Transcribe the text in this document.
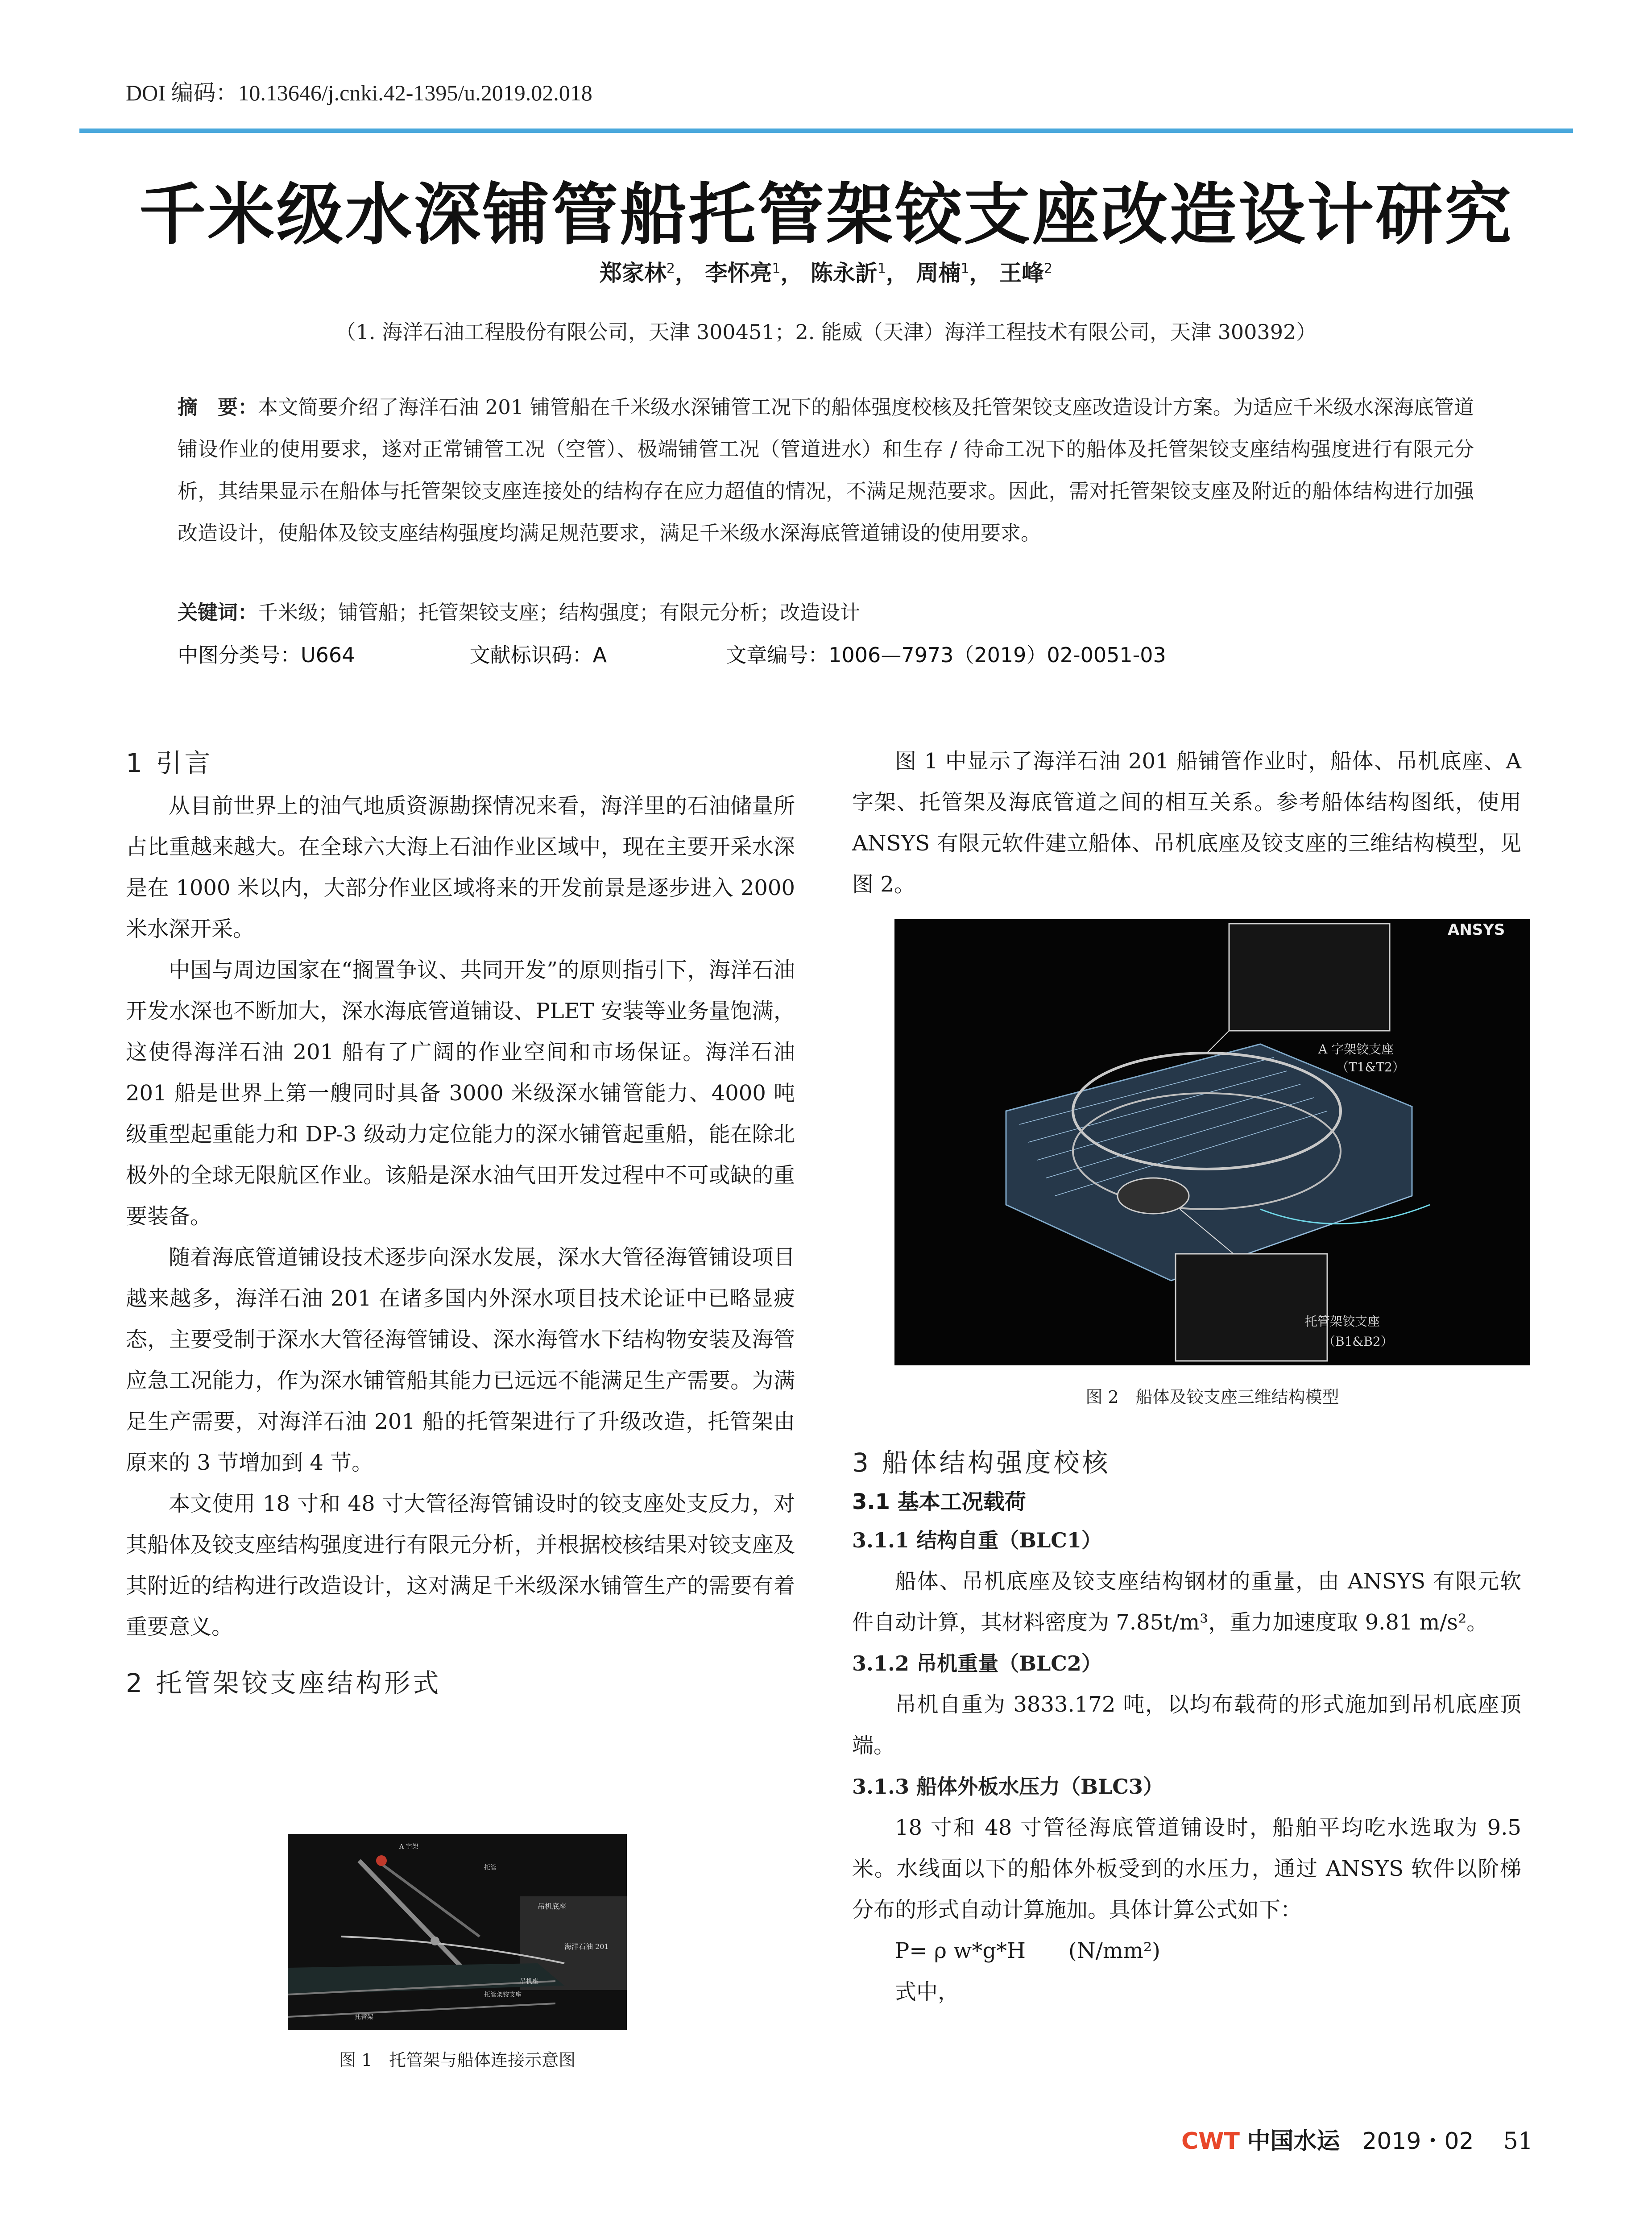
DOI 编码：10.13646/j.cnki.42-1395/u.2019.02.018
千米级水深铺管船托管架铰支座改造设计研究
郑家林$^2$， 李怀亮$^1$， 陈永訢$^1$， 周楠$^1$， 王峰$^2$
（1. 海洋石油工程股份有限公司，天津 300451；2. 能威（天津）海洋工程技术有限公司，天津 300392）
摘　要：本文简要介绍了海洋石油 201 铺管船在千米级水深铺管工况下的船体强度校核及托管架铰支座改造设计方案。为适应千米级水深海底管道铺设作业的使用要求，遂对正常铺管工况（空管）、极端铺管工况（管道进水）和生存 / 待命工况下的船体及托管架铰支座结构强度进行有限元分析，其结果显示在船体与托管架铰支座连接处的结构存在应力超值的情况，不满足规范要求。因此，需对托管架铰支座及附近的船体结构进行加强改造设计，使船体及铰支座结构强度均满足规范要求，满足千米级水深海底管道铺设的使用要求。
关键词：千米级；铺管船；托管架铰支座；结构强度；有限元分析；改造设计
中图分类号：U664	文献标识码：A	文章编号：1006—7973（2019）02-0051-03
1 引言

从目前世界上的油气地质资源勘探情况来看，海洋里的石油储量所占比重越来越大。在全球六大海上石油作业区域中，现在主要开采水深是在 1000 米以内，大部分作业区域将来的开发前景是逐步进入 2000 米水深开采。

中国与周边国家在“搁置争议、共同开发”的原则指引下，海洋石油开发水深也不断加大，深水海底管道铺设、PLET 安装等业务量饱满，这使得海洋石油 201 船有了广阔的作业空间和市场保证。海洋石油 201 船是世界上第一艘同时具备 3000 米级深水铺管能力、4000 吨级重型起重能力和 DP-3 级动力定位能力的深水铺管起重船，能在除北极外的全球无限航区作业。该船是深水油气田开发过程中不可或缺的重要装备。

随着海底管道铺设技术逐步向深水发展，深水大管径海管铺设项目越来越多，海洋石油 201 在诸多国内外深水项目技术论证中已略显疲态，主要受制于深水大管径海管铺设、深水海管水下结构物安装及海管应急工况能力，作为深水铺管船其能力已远远不能满足生产需要。为满足生产需要，对海洋石油 201 船的托管架进行了升级改造，托管架由原来的 3 节增加到 4 节。

本文使用 18 寸和 48 寸大管径海管铺设时的铰支座处支反力，对其船体及铰支座结构强度进行有限元分析，并根据校核结果对铰支座及其附近的结构进行改造设计，这对满足千米级深水铺管生产的需要有着重要意义。

2 托管架铰支座结构形式
A 字架
托管
吊机底座
海洋石油 201
托管架
托管架铰支座
吊机座
图 1　托管架与船体连接示意图

图 1 中显示了海洋石油 201 船铺管作业时，船体、吊机底座、A 字架、托管架及海底管道之间的相互关系。参考船体结构图纸，使用 ANSYS 有限元软件建立船体、吊机底座及铰支座的三维结构模型，见图 2。

ANSYS
A 字架铰支座
（T1&T2）
托管架铰支座
（B1&B2）
图 2　船体及铰支座三维结构模型
3 船体结构强度校核
3.1 基本工况载荷
3.1.1 结构自重（BLC1）

船体、吊机底座及铰支座结构钢材的重量，由 ANSYS 有限元软件自动计算，其材料密度为 7.85t/m³，重力加速度取 9.81 m/s²。

3.1.2 吊机重量（BLC2）

吊机自重为 3833.172 吨，以均布载荷的形式施加到吊机底座顶端。

3.1.3 船体外板水压力（BLC3）

18 寸和 48 寸管径海底管道铺设时，船舶平均吃水选取为 9.5 米。水线面以下的船体外板受到的水压力，通过 ANSYS 软件以阶梯分布的形式自动计算施加。具体计算公式如下：

P= ρ w*g*H　　(N/mm²)

式中，

CWT 中国水运 2019・02 51
